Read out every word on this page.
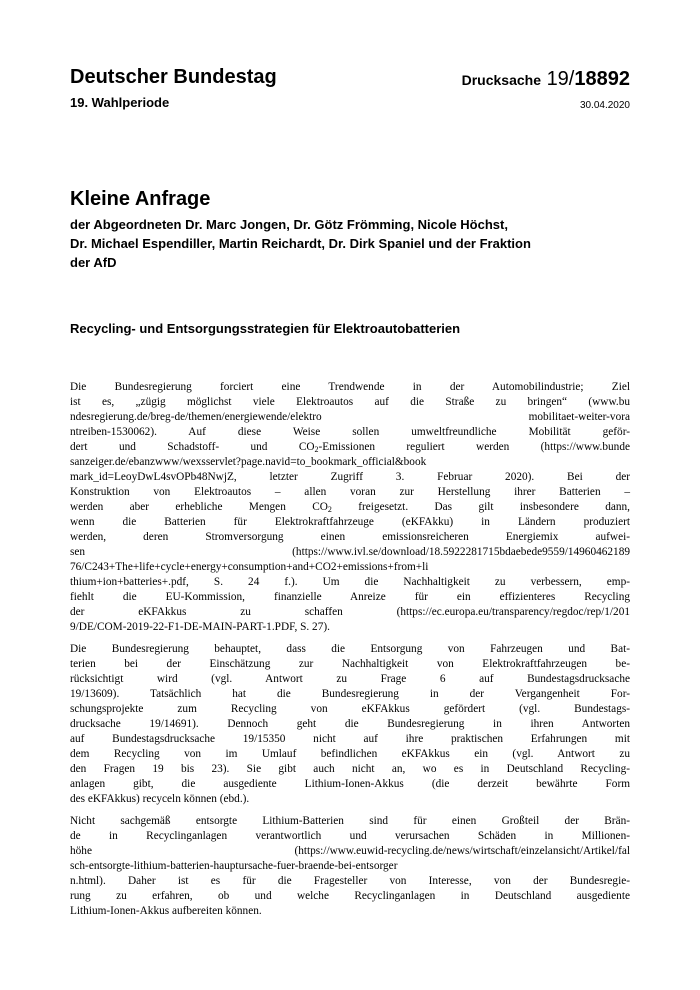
Deutscher Bundestag
19. Wahlperiode
Drucksache 19/18892
30.04.2020
Kleine Anfrage
der Abgeordneten Dr. Marc Jongen, Dr. Götz Frömming, Nicole Höchst,
Dr. Michael Espendiller, Martin Reichardt, Dr. Dirk Spaniel und der Fraktion
der AfD
Recycling- und Entsorgungsstrategien für Elektroautobatterien
Die Bundesregierung forciert eine Trendwende in der Automobilindustrie; Ziel
ist es, „zügig möglichst viele Elektroautos auf die Straße zu bringen“ (www.bu
ndesregierung.de/breg-de/themen/energiewende/elektro mobilitaet-weiter-vora
ntreiben-1530062). Auf diese Weise sollen umweltfreundliche Mobilität geför-
dert und Schadstoff- und $CO_2$-Emissionen reguliert werden (https://www.bunde
sanzeiger.de/ebanzwww/wexsservlet?page.navid=to_bookmark_official&book
mark_id=LeoyDwL4svOPb48NwjZ, letzter Zugriff 3. Februar 2020). Bei der
Konstruktion von Elektroautos – allen voran zur Herstellung ihrer Batterien –
werden aber erhebliche Mengen $CO_2$ freigesetzt. Das gilt insbesondere dann,
wenn die Batterien für Elektrokraftfahrzeuge (eKFAkku) in Ländern produziert
werden, deren Stromversorgung einen emissionsreicheren Energiemix aufwei-
sen (https://www.ivl.se/download/18.5922281715bdaebede9559/14960462189
76/C243+The+life+cycle+energy+consumption+and+CO2+emissions+from+li
thium+ion+batteries+.pdf, S. 24 f.). Um die Nachhaltigkeit zu verbessern, emp-
fiehlt die EU-Kommission, finanzielle Anreize für ein effizienteres Recycling
der eKFAkkus zu schaffen (https://ec.europa.eu/transparency/regdoc/rep/1/201
9/DE/COM-2019-22-F1-DE-MAIN-PART-1.PDF, S. 27).
Die Bundesregierung behauptet, dass die Entsorgung von Fahrzeugen und Bat-
terien bei der Einschätzung zur Nachhaltigkeit von Elektrokraftfahrzeugen be-
rücksichtigt wird (vgl. Antwort zu Frage 6 auf Bundestagsdrucksache
19/13609). Tatsächlich hat die Bundesregierung in der Vergangenheit For-
schungsprojekte zum Recycling von eKFAkkus gefördert (vgl. Bundestags-
drucksache 19/14691). Dennoch geht die Bundesregierung in ihren Antworten
auf Bundestagsdrucksache 19/15350 nicht auf ihre praktischen Erfahrungen mit
dem Recycling von im Umlauf befindlichen eKFAkkus ein (vgl. Antwort zu
den Fragen 19 bis 23). Sie gibt auch nicht an, wo es in Deutschland Recycling-
anlagen gibt, die ausgediente Lithium-Ionen-Akkus (die derzeit bewährte Form
des eKFAkkus) recyceln können (ebd.).
Nicht sachgemäß entsorgte Lithium-Batterien sind für einen Großteil der Brän-
de in Recyclinganlagen verantwortlich und verursachen Schäden in Millionen-
höhe (https://www.euwid-recycling.de/news/wirtschaft/einzelansicht/Artikel/fal
sch-entsorgte-lithium-batterien-hauptursache-fuer-braende-bei-entsorger
n.html). Daher ist es für die Fragesteller von Interesse, von der Bundesregie-
rung zu erfahren, ob und welche Recyclinganlagen in Deutschland ausgediente
Lithium-Ionen-Akkus aufbereiten können.
